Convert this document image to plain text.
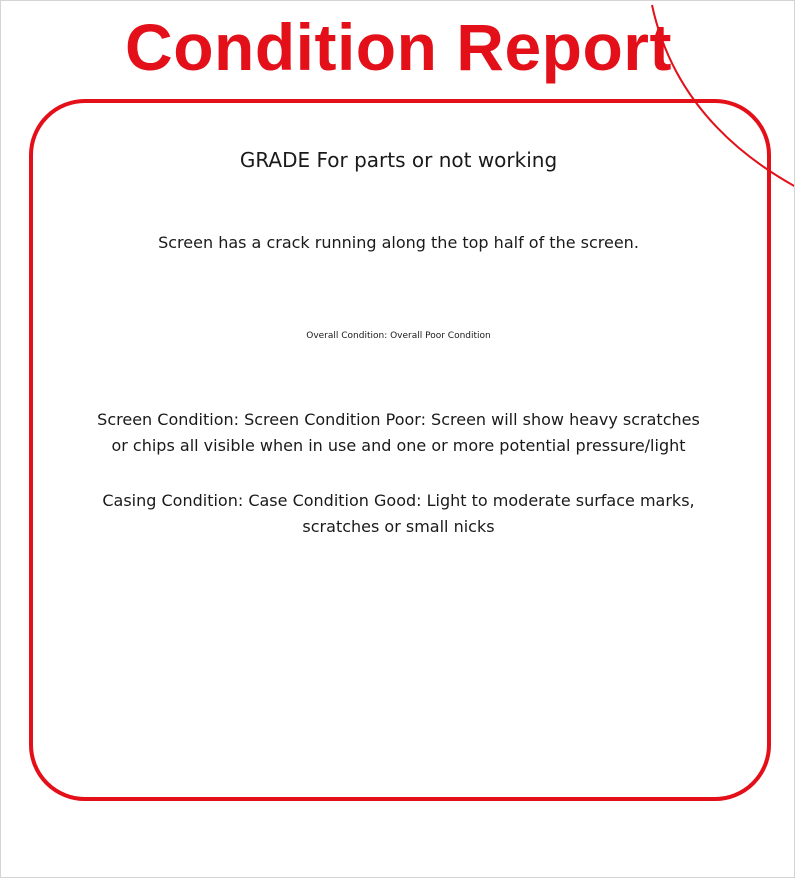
Condition Report
GRADE For parts or not working
Screen has a crack running along the top half of the screen.
Overall Condition: Overall Poor Condition
Screen Condition: Screen Condition Poor: Screen will show heavy scratches
or chips all visible when in use and one or more potential pressure/light
Casing Condition: Case Condition Good: Light to moderate surface marks,
scratches or small nicks
